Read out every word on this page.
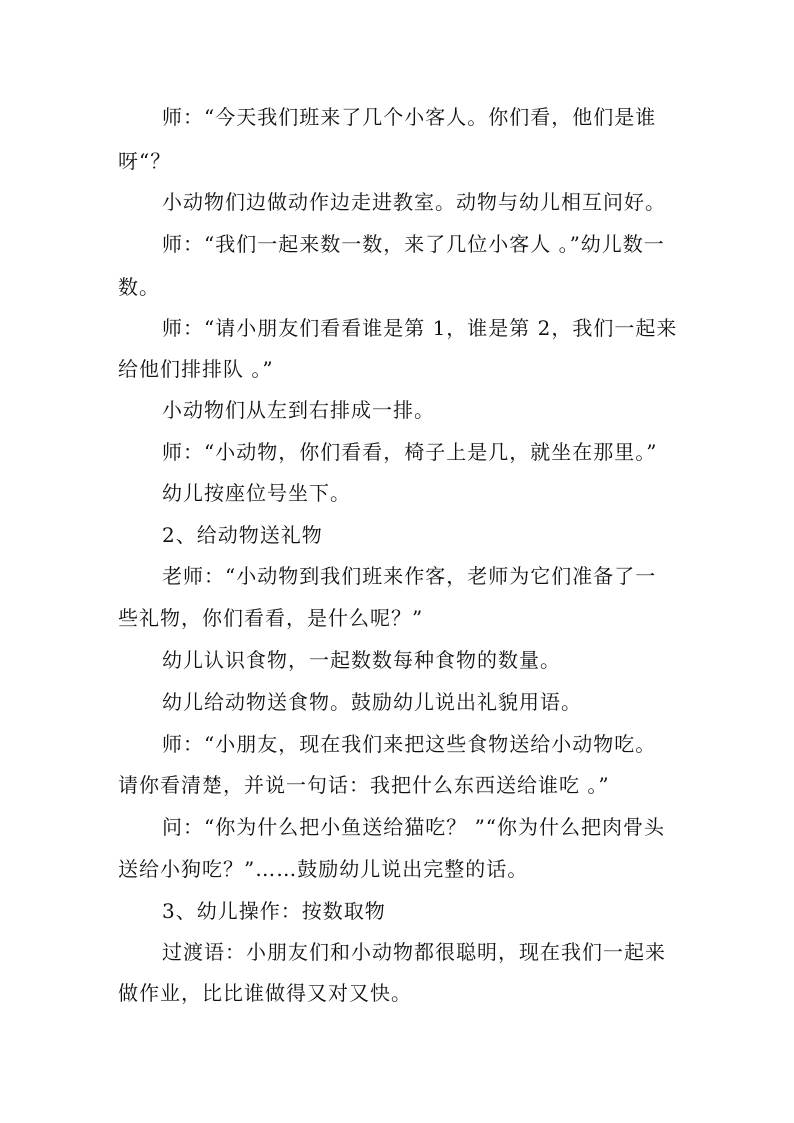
师：“今天我们班来了几个小客人。你们看，他们是谁
呀“？
小动物们边做动作边走进教室。动物与幼儿相互问好。
师：“我们一起来数一数，来了几位小客人 。”幼儿数一
数。
师：“请小朋友们看看谁是第 1，谁是第 2，我们一起来
给他们排排队 。”
小动物们从左到右排成一排。
师：“小动物，你们看看，椅子上是几，就坐在那里。”
幼儿按座位号坐下。
2、给动物送礼物
老师：“小动物到我们班来作客，老师为它们准备了一
些礼物，你们看看，是什么呢？”
幼儿认识食物，一起数数每种食物的数量。
幼儿给动物送食物。鼓励幼儿说出礼貌用语。
师：“小朋友，现在我们来把这些食物送给小动物吃。
请你看清楚，并说一句话：我把什么东西送给谁吃 。”
问：“你为什么把小鱼送给猫吃？ ”“你为什么把肉骨头
送给小狗吃？”……鼓励幼儿说出完整的话。
3、幼儿操作：按数取物
过渡语：小朋友们和小动物都很聪明，现在我们一起来
做作业，比比谁做得又对又快。
